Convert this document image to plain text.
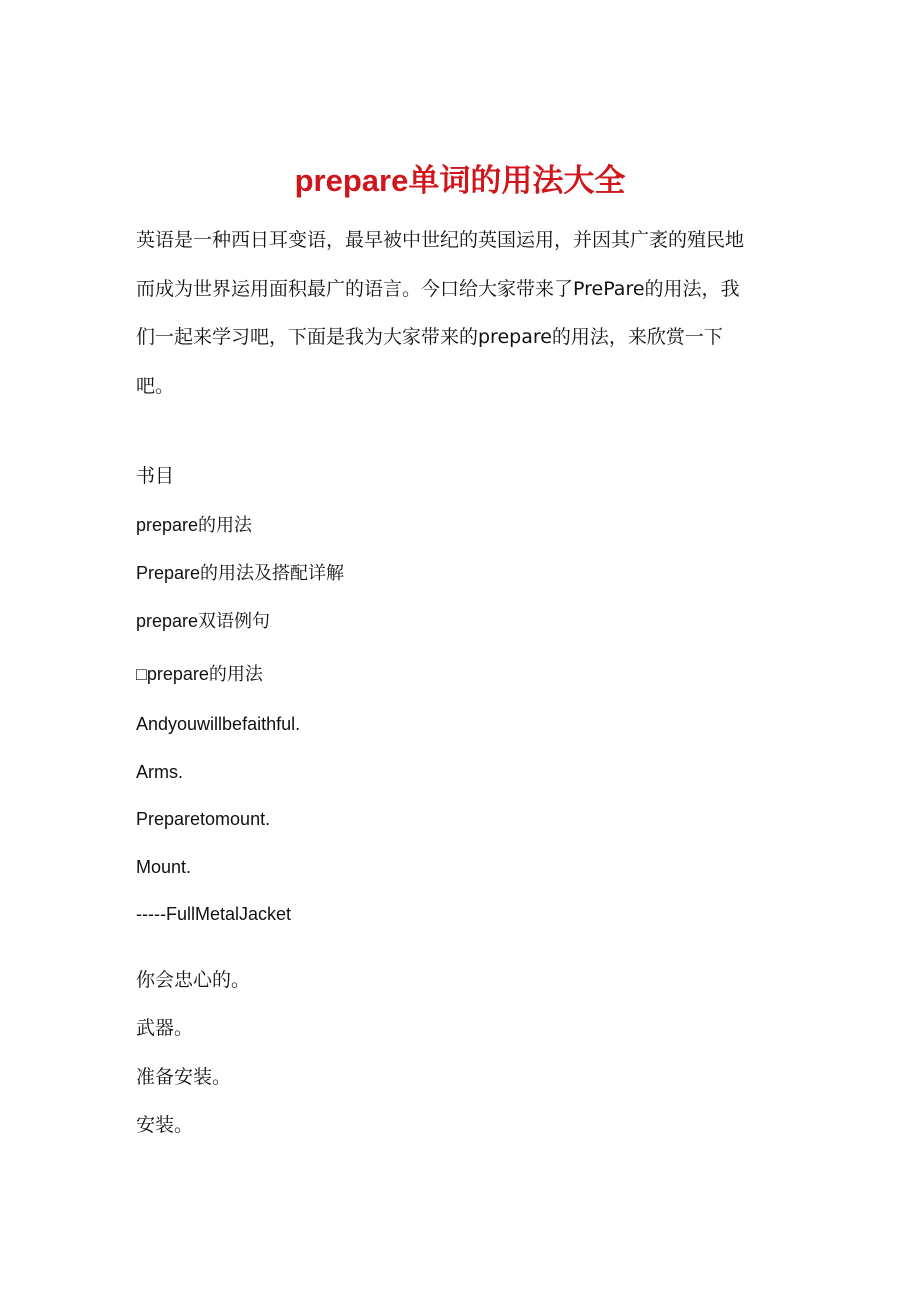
prepare单词的用法大全

英语是一种西日耳变语，最早被中世纪的英国运用，并因其广袤的殖民地
而成为世界运用面积最广的语言。今口给大家带来了PrePare的用法，我
们一起来学习吧，下面是我为大家带来的prepare的用法，来欣赏一下
吧。

书目

prepare的用法

Prepare的用法及搭配详解

prepare双语例句

□prepare的用法

Andyouwillbefaithful.

Arms.

Preparetomount.

Mount.

-----FullMetalJacket

你会忠心的。

武器。

准备安装。

安装。
